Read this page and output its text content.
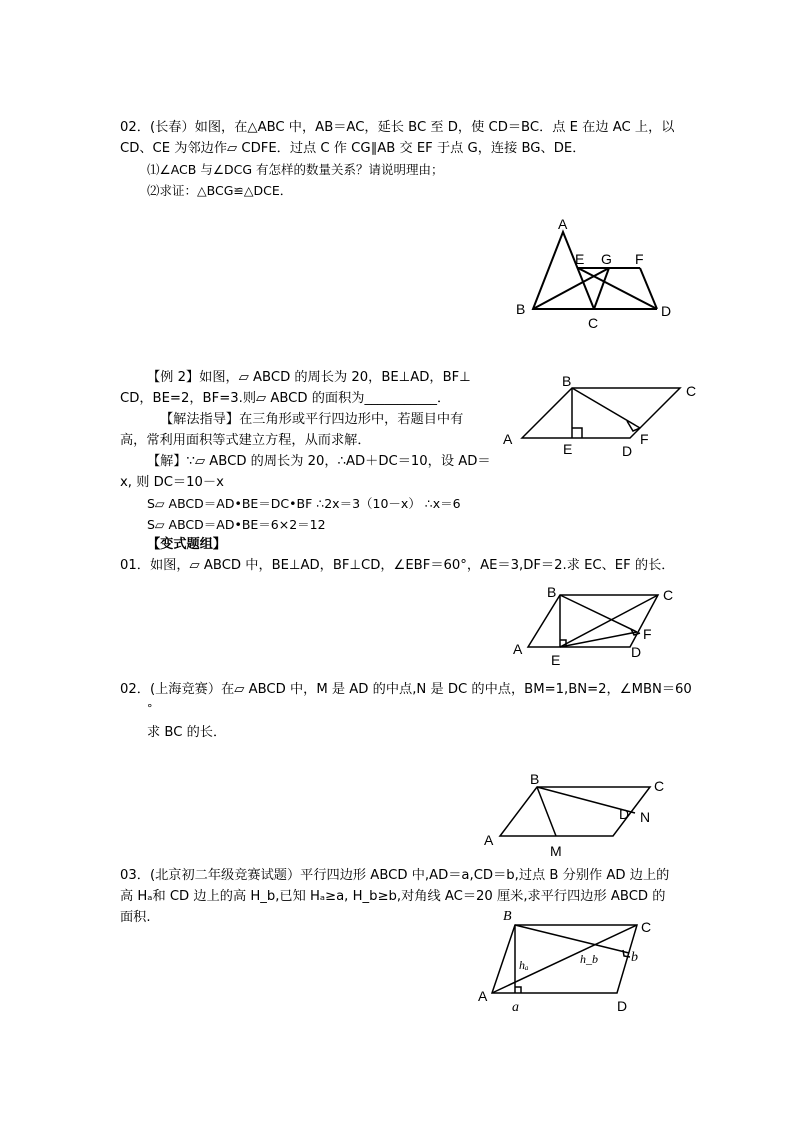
02．(长春）如图，在△ABC 中，AB＝AC，延长 BC 至 D，使 CD＝BC．点 E 在边 AC 上，以
CD、CE 为邻边作▱ CDFE．过点 C 作 CG∥AB 交 EF 于点 G，连接 BG、DE．
⑴∠ACB 与∠DCG 有怎样的数量关系？请说明理由；
⑵求证：△BCG≌△DCE．
A
B
C
D
E G F
【例 2】如图，▱ ABCD 的周长为 20，BE⊥AD，BF⊥
CD，BE=2，BF=3.则▱ ABCD 的面积为___________．
【解法指导】在三角形或平行四边形中，若题目中有
高，常利用面积等式建立方程，从而求解．
【解】∵▱ ABCD 的周长为 20，∴AD＋DC＝10，设 AD＝
x, 则 DC＝10－x
S▱ ABCD＝AD•BE＝DC•BF ∴2x＝3（10－x） ∴x＝6
S▱ ABCD＝AD•BE＝6×2＝12
A
B
C
D
E
F
【变式题组】
01．如图，▱ ABCD 中，BE⊥AD，BF⊥CD，∠EBF＝60°，AE＝3,DF＝2.求 EC、EF 的长．
A
B	C
D
E
F
02．(上海竞赛）在▱ ABCD 中，M 是 AD 的中点,N 是 DC 的中点，BM=1,BN=2，∠MBN＝60
°
求 BC 的长．
A
B	C
D
M
N
03．(北京初二年级竞赛试题）平行四边形 ABCD 中,AD＝a,CD＝b,过点 B 分别作 AD 边上的
高 Hₐ和 CD 边上的高 H_b,已知 Hₐ≥a, H_b≥b,对角线 AC＝20 厘米,求平行四边形 ABCD 的
面积.
A
B
C
D
a
b
hₐ	h_b
